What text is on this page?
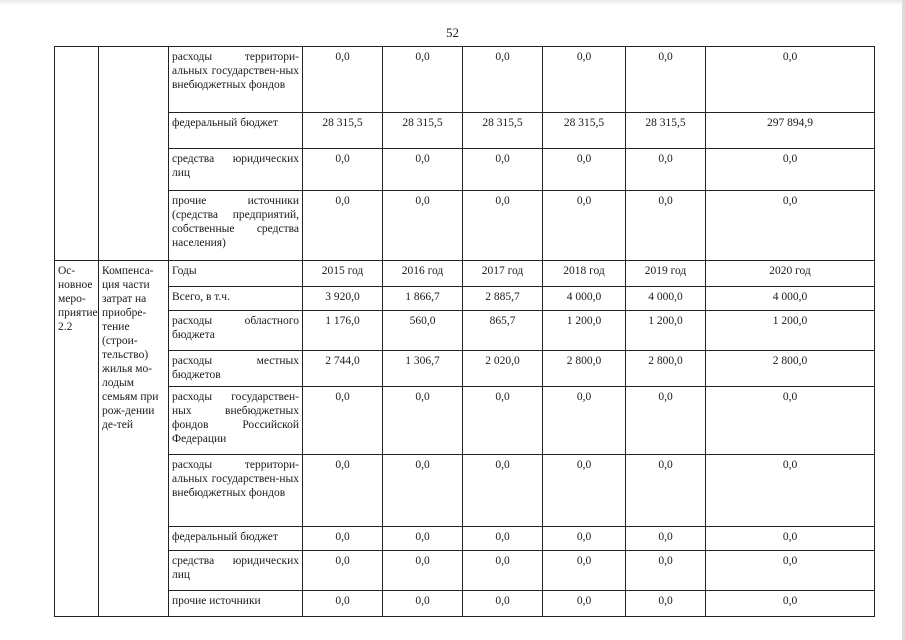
52
		расходы территори-альных государствен-ных внебюджетных фондов	0,0	0,0	0,0	0,0	0,0	0,0
		федеральный бюджет	28 315,5	28 315,5	28 315,5	28 315,5	28 315,5	297 894,9
		средства юридических лиц	0,0	0,0	0,0	0,0	0,0	0,0
		прочие источники (средства предприятий, собственные средства населения)	0,0	0,0	0,0	0,0	0,0	0,0
Ос-новное меро-приятие 2.2	Компенса-ция части затрат на приобре-тение (строи-тельство) жилья мо-лодым семьям при рож-дении де-тей	Годы	2015 год	2016 год	2017 год	2018 год	2019 год	2020 год
		Всего, в т.ч.	3 920,0	1 866,7	2 885,7	4 000,0	4 000,0	4 000,0
		расходы областного бюджета	1 176,0	560,0	865,7	1 200,0	1 200,0	1 200,0
		расходы местных бюджетов	2 744,0	1 306,7	2 020,0	2 800,0	2 800,0	2 800,0
		расходы государствен-ных внебюджетных фондов Российской Федерации	0,0	0,0	0,0	0,0	0,0	0,0
		расходы территори-альных государствен-ных внебюджетных фондов	0,0	0,0	0,0	0,0	0,0	0,0
		федеральный бюджет	0,0	0,0	0,0	0,0	0,0	0,0
		средства юридических лиц	0,0	0,0	0,0	0,0	0,0	0,0
		прочие источники	0,0	0,0	0,0	0,0	0,0	0,0
